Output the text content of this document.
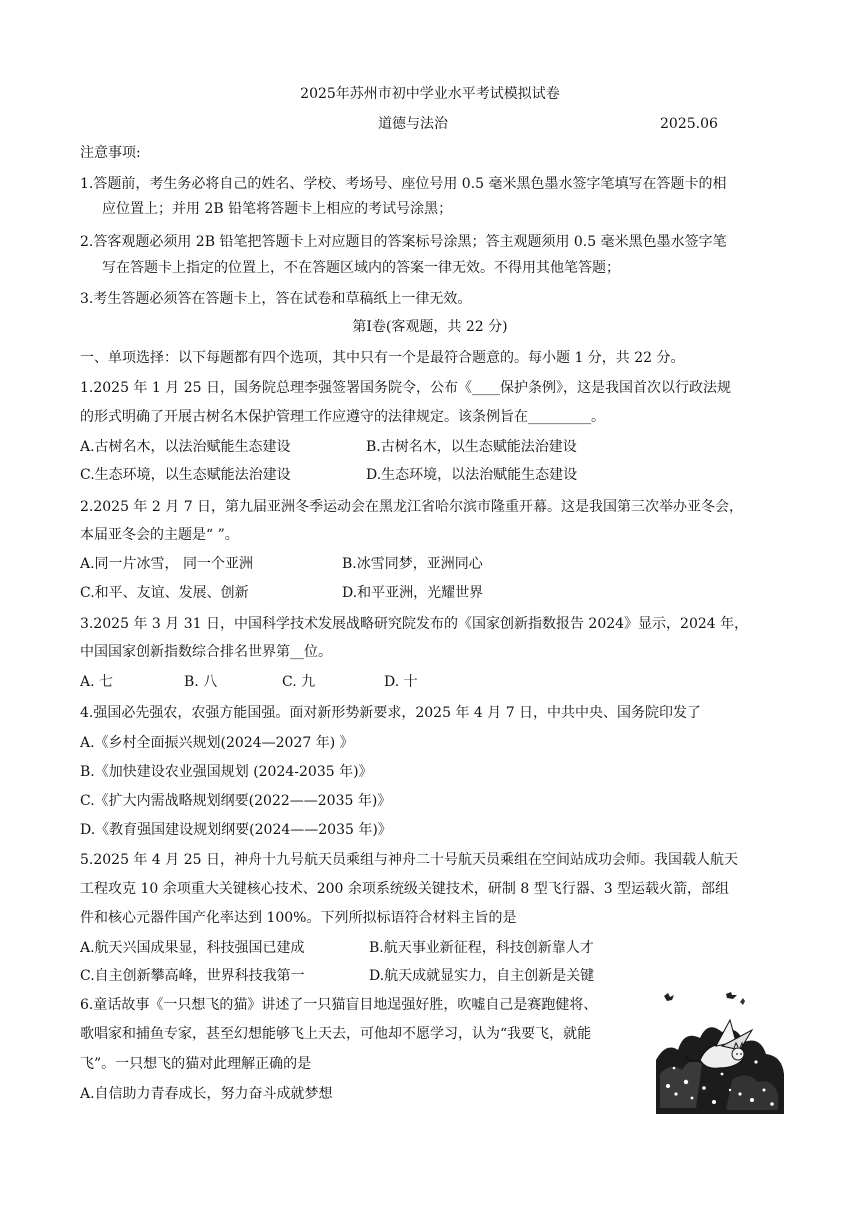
2025年苏州市初中学业水平考试模拟试卷
道德与法治	2025.06
注意事项:
1.答题前，考生务必将自己的姓名、学校、考场号、座位号用 0.5 毫米黑色墨水签字笔填写在答题卡的相
应位置上；并用 2B 铅笔将答题卡上相应的考试号涂黑；
2.答客观题必须用 2B 铅笔把答题卡上对应题目的答案标号涂黑；答主观题须用 0.5 毫米黑色墨水签字笔
写在答题卡上指定的位置上，不在答题区域内的答案一律无效。不得用其他笔答题；
3.考生答题必须答在答题卡上，答在试卷和草稿纸上一律无效。
第Ⅰ卷(客观题，共 22 分)
一、单项选择：以下每题都有四个选项，其中只有一个是最符合题意的。每小题 1 分，共 22 分。
1.2025 年 1 月 25 日，国务院总理李强签署国务院令，公布《____保护条例》，这是我国首次以行政法规
的形式明确了开展古树名木保护管理工作应遵守的法律规定。该条例旨在_________。
A.古树名木，以法治赋能生态建设	B.古树名木，以生态赋能法治建设
C.生态环境，以生态赋能法治建设	D.生态环境，以法治赋能生态建设
2.2025 年 2 月 7 日，第九届亚洲冬季运动会在黑龙江省哈尔滨市隆重开幕。这是我国第三次举办亚冬会，
本届亚冬会的主题是“ ”。
A.同一片冰雪， 同一个亚洲	B.冰雪同梦，亚洲同心
C.和平、友谊、发展、创新	D.和平亚洲，光耀世界
3.2025 年 3 月 31 日，中国科学技术发展战略研究院发布的《国家创新指数报告 2024》显示，2024 年，
中国国家创新指数综合排名世界第__位。
A. 七	B. 八	C. 九	D. 十
4.强国必先强农，农强方能国强。面对新形势新要求，2025 年 4 月 7 日，中共中央、国务院印发了
A.《乡村全面振兴规划(2024—2027 年) 》
B.《加快建设农业强国规划 (2024-2035 年)》
C.《扩大内需战略规划纲要(2022——2035 年)》
D.《教育强国建设规划纲要(2024——2035 年)》
5.2025 年 4 月 25 日，神舟十九号航天员乘组与神舟二十号航天员乘组在空间站成功会师。我国载人航天
工程攻克 10 余项重大关键核心技术、200 余项系统级关键技术，研制 8 型飞行器、3 型运载火箭，部组
件和核心元器件国产化率达到 100%。下列所拟标语符合材料主旨的是
A.航天兴国成果显，科技强国已建成	B.航天事业新征程，科技创新靠人才
C.自主创新攀高峰，世界科技我第一	D.航天成就显实力，自主创新是关键
6.童话故事《一只想飞的猫》讲述了一只猫盲目地逞强好胜，吹嘘自己是赛跑健将、
歌唱家和捕鱼专家，甚至幻想能够飞上天去，可他却不愿学习，认为“我要飞，就能
飞”。一只想飞的猫对此理解正确的是
A.自信助力青春成长，努力奋斗成就梦想
